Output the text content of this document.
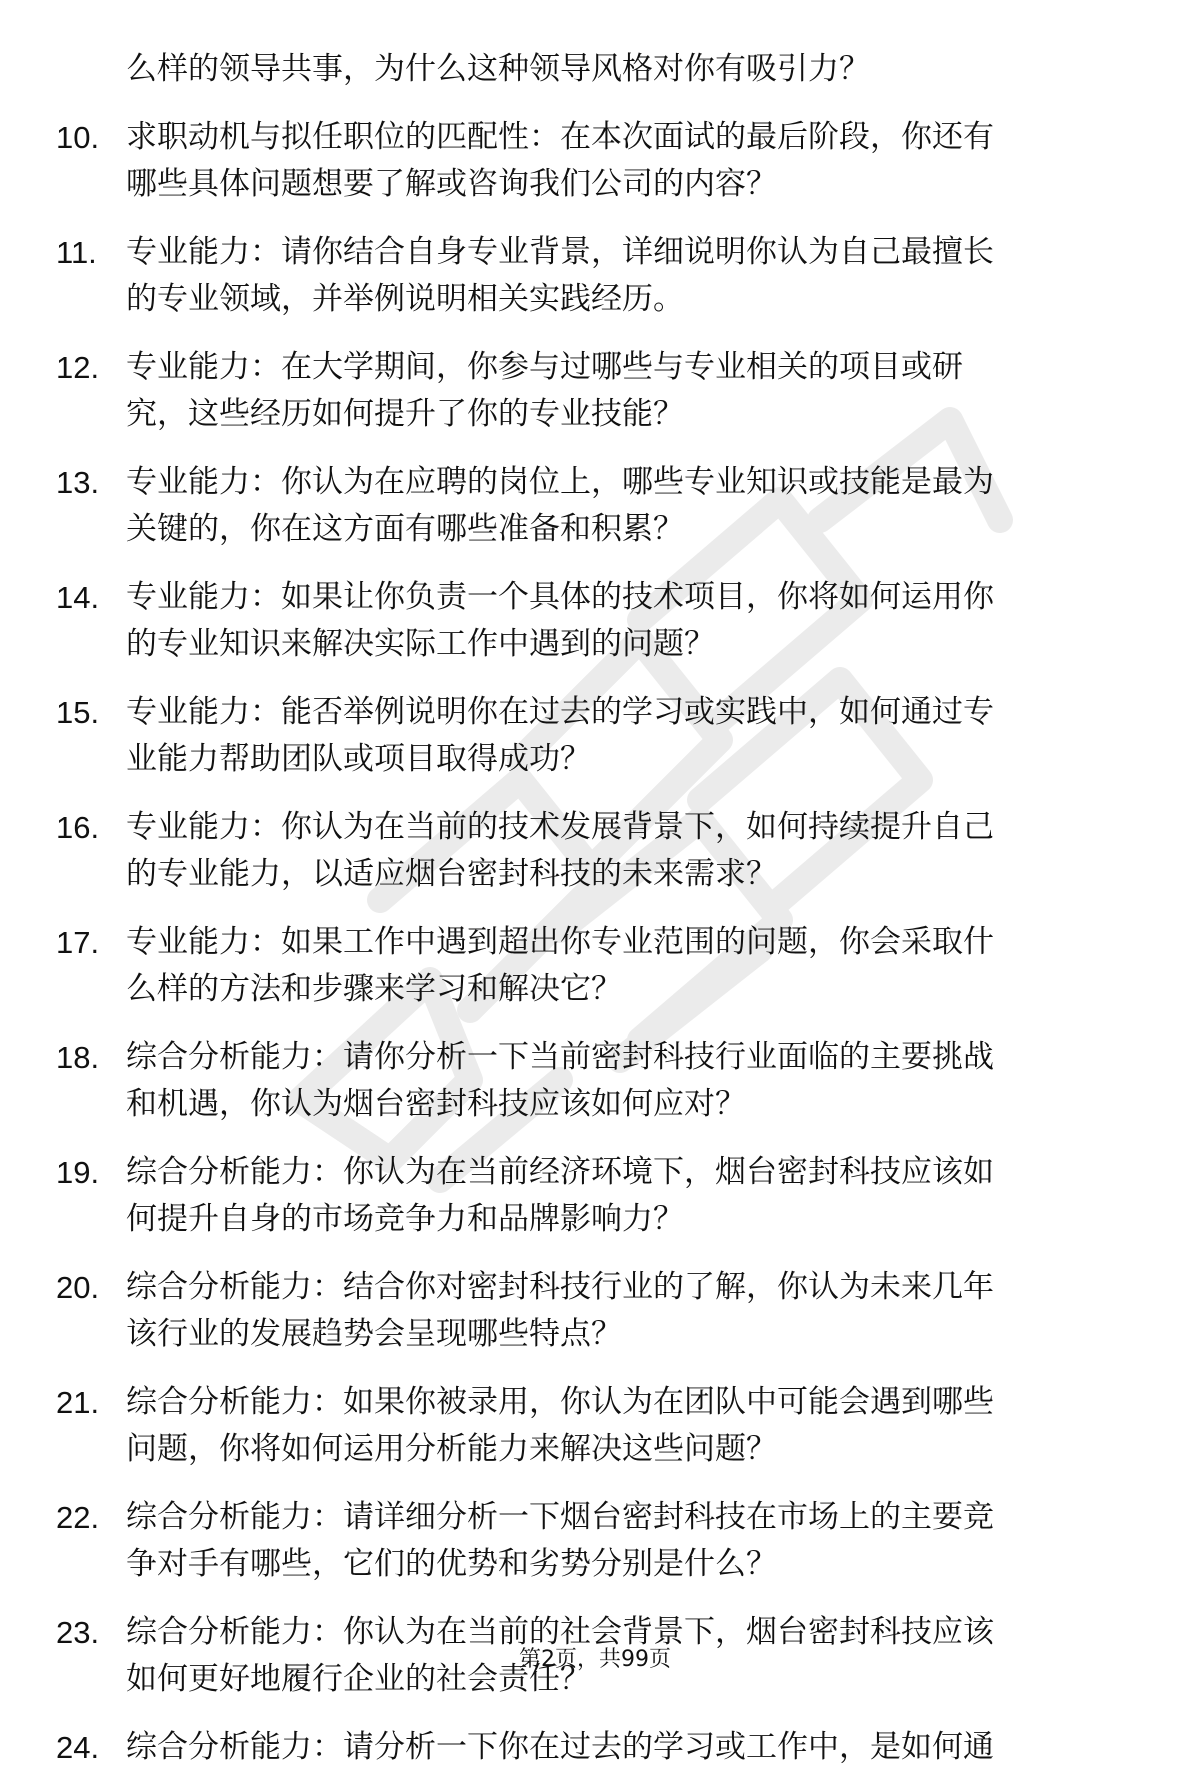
么样的领导共事，为什么这种领导风格对你有吸引力？
10. 求职动机与拟任职位的匹配性：在本次面试的最后阶段，你还有
哪些具体问题想要了解或咨询我们公司的内容？
11. 专业能力：请你结合自身专业背景，详细说明你认为自己最擅长
的专业领域，并举例说明相关实践经历。
12. 专业能力：在大学期间，你参与过哪些与专业相关的项目或研
究，这些经历如何提升了你的专业技能？
13. 专业能力：你认为在应聘的岗位上，哪些专业知识或技能是最为
关键的，你在这方面有哪些准备和积累？
14. 专业能力：如果让你负责一个具体的技术项目，你将如何运用你
的专业知识来解决实际工作中遇到的问题？
15. 专业能力：能否举例说明你在过去的学习或实践中，如何通过专
业能力帮助团队或项目取得成功？
16. 专业能力：你认为在当前的技术发展背景下，如何持续提升自己
的专业能力，以适应烟台密封科技的未来需求？
17. 专业能力：如果工作中遇到超出你专业范围的问题，你会采取什
么样的方法和步骤来学习和解决它？
18. 综合分析能力：请你分析一下当前密封科技行业面临的主要挑战
和机遇，你认为烟台密封科技应该如何应对？
19. 综合分析能力：你认为在当前经济环境下，烟台密封科技应该如
何提升自身的市场竞争力和品牌影响力？
20. 综合分析能力：结合你对密封科技行业的了解，你认为未来几年
该行业的发展趋势会呈现哪些特点？
21. 综合分析能力：如果你被录用，你认为在团队中可能会遇到哪些
问题，你将如何运用分析能力来解决这些问题？
22. 综合分析能力：请详细分析一下烟台密封科技在市场上的主要竞
争对手有哪些，它们的优势和劣势分别是什么？
23. 综合分析能力：你认为在当前的社会背景下，烟台密封科技应该
如何更好地履行企业的社会责任？
24. 综合分析能力：请分析一下你在过去的学习或工作中，是如何通
第2页，共99页
